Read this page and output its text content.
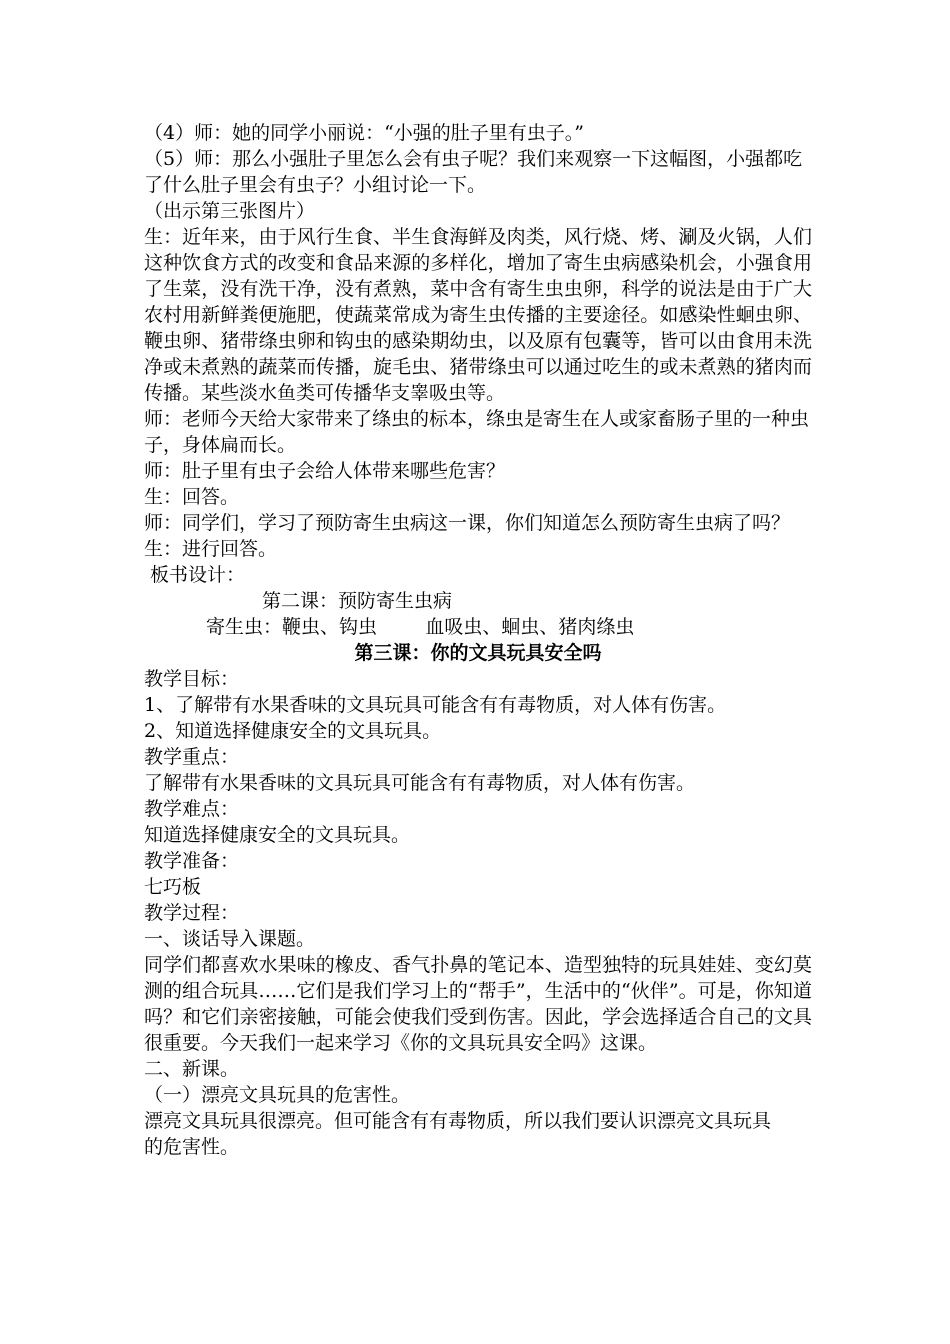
（4）师：她的同学小丽说：“小强的肚子里有虫子。”

（5）师：那么小强肚子里怎么会有虫子呢？我们来观察一下这幅图，小强都吃了什么肚子里会有虫子？小组讨论一下。

（出示第三张图片）

生：近年来，由于风行生食、半生食海鲜及肉类，风行烧、烤、涮及火锅，人们这种饮食方式的改变和食品来源的多样化，增加了寄生虫病感染机会，小强食用了生菜，没有洗干净，没有煮熟，菜中含有寄生虫虫卵，科学的说法是由于广大农村用新鲜粪便施肥，使蔬菜常成为寄生虫传播的主要途径。如感染性蛔虫卵、鞭虫卵、猪带绦虫卵和钩虫的感染期幼虫，以及原有包囊等，皆可以由食用未洗净或未煮熟的蔬菜而传播，旋毛虫、猪带绦虫可以通过吃生的或未煮熟的猪肉而传播。某些淡水鱼类可传播华支睾吸虫等。

师：老师今天给大家带来了绦虫的标本，绦虫是寄生在人或家畜肠子里的一种虫子，身体扁而长。

师：肚子里有虫子会给人体带来哪些危害？

生：回答。

师：同学们，学习了预防寄生虫病这一课，你们知道怎么预防寄生虫病了吗？

生：进行回答。

板书设计：

第二课：预防寄生虫病

寄生虫：鞭虫、钩虫        血吸虫、蛔虫、猪肉绦虫

第三课：你的文具玩具安全吗

教学目标：

1、了解带有水果香味的文具玩具可能含有有毒物质，对人体有伤害。

2、知道选择健康安全的文具玩具。

教学重点：

了解带有水果香味的文具玩具可能含有有毒物质，对人体有伤害。

教学难点：

知道选择健康安全的文具玩具。

教学准备：

七巧板

教学过程：

一、谈话导入课题。

同学们都喜欢水果味的橡皮、香气扑鼻的笔记本、造型独特的玩具娃娃、变幻莫测的组合玩具……它们是我们学习上的“帮手”，生活中的“伙伴”。可是，你知道吗？和它们亲密接触，可能会使我们受到伤害。因此，学会选择适合自己的文具很重要。今天我们一起来学习《你的文具玩具安全吗》这课。

二、新课。

（一）漂亮文具玩具的危害性。

漂亮文具玩具很漂亮。但可能含有有毒物质，所以我们要认识漂亮文具玩具

的危害性。
